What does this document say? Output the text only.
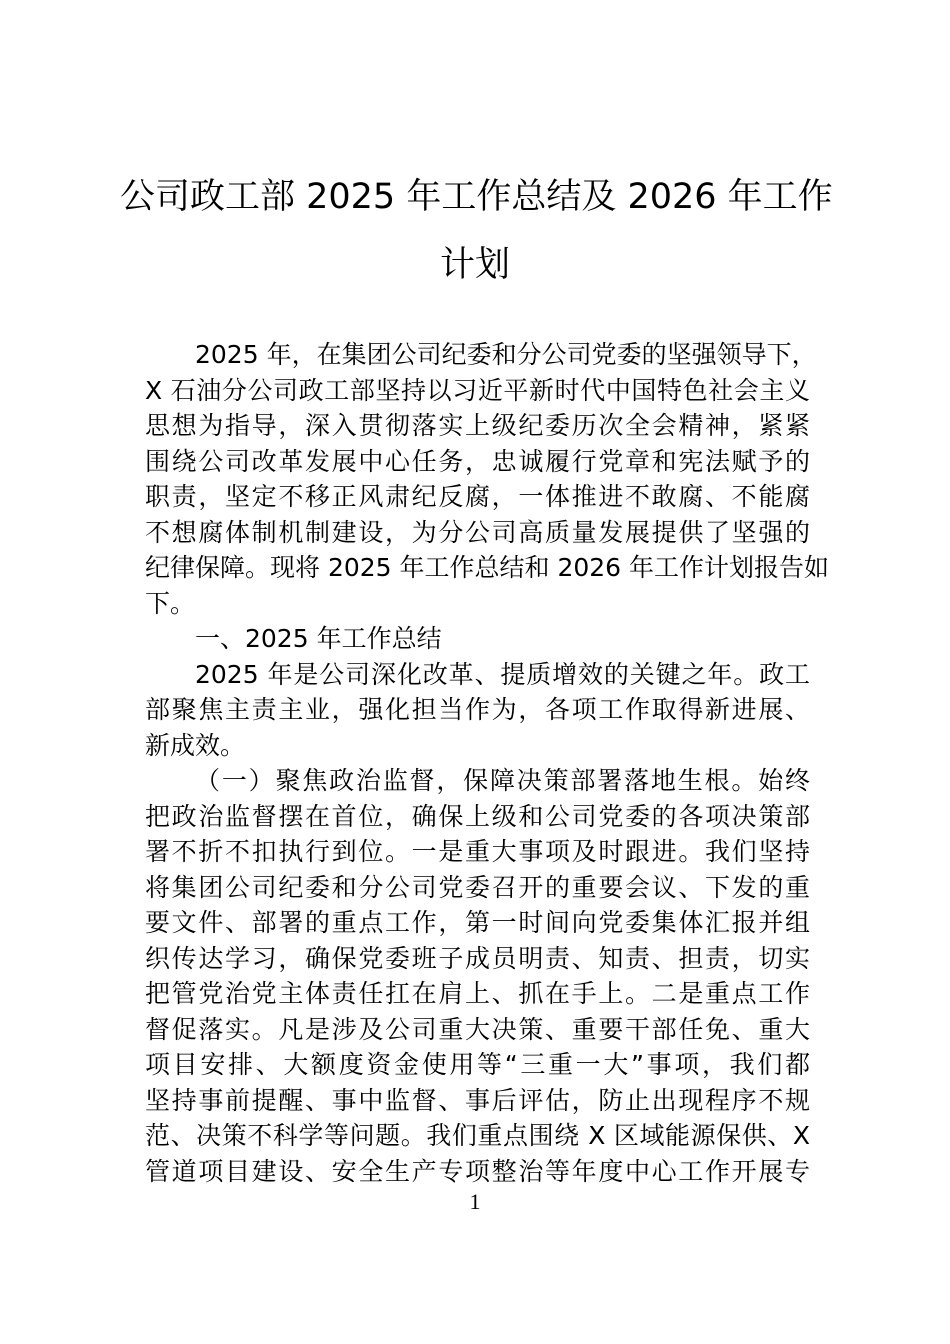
公司政工部 2025 年工作总结及 2026 年工作
计划
2025 年，在集团公司纪委和分公司党委的坚强领导下，
X 石油分公司政工部坚持以习近平新时代中国特色社会主义
思想为指导，深入贯彻落实上级纪委历次全会精神，紧紧
围绕公司改革发展中心任务，忠诚履行党章和宪法赋予的
职责，坚定不移正风肃纪反腐，一体推进不敢腐、不能腐
不想腐体制机制建设，为分公司高质量发展提供了坚强的
纪律保障。现将 2025 年工作总结和 2026 年工作计划报告如
下。
一、2025 年工作总结
2025 年是公司深化改革、提质增效的关键之年。政工
部聚焦主责主业，强化担当作为，各项工作取得新进展、
新成效。
（一）聚焦政治监督，保障决策部署落地生根。始终
把政治监督摆在首位，确保上级和公司党委的各项决策部
署不折不扣执行到位。一是重大事项及时跟进。我们坚持
将集团公司纪委和分公司党委召开的重要会议、下发的重
要文件、部署的重点工作，第一时间向党委集体汇报并组
织传达学习，确保党委班子成员明责、知责、担责，切实
把管党治党主体责任扛在肩上、抓在手上。二是重点工作
督促落实。凡是涉及公司重大决策、重要干部任免、重大
项目安排、大额度资金使用等“三重一大”事项，我们都
坚持事前提醒、事中监督、事后评估，防止出现程序不规
范、决策不科学等问题。我们重点围绕 X 区域能源保供、X
管道项目建设、安全生产专项整治等年度中心工作开展专
1
